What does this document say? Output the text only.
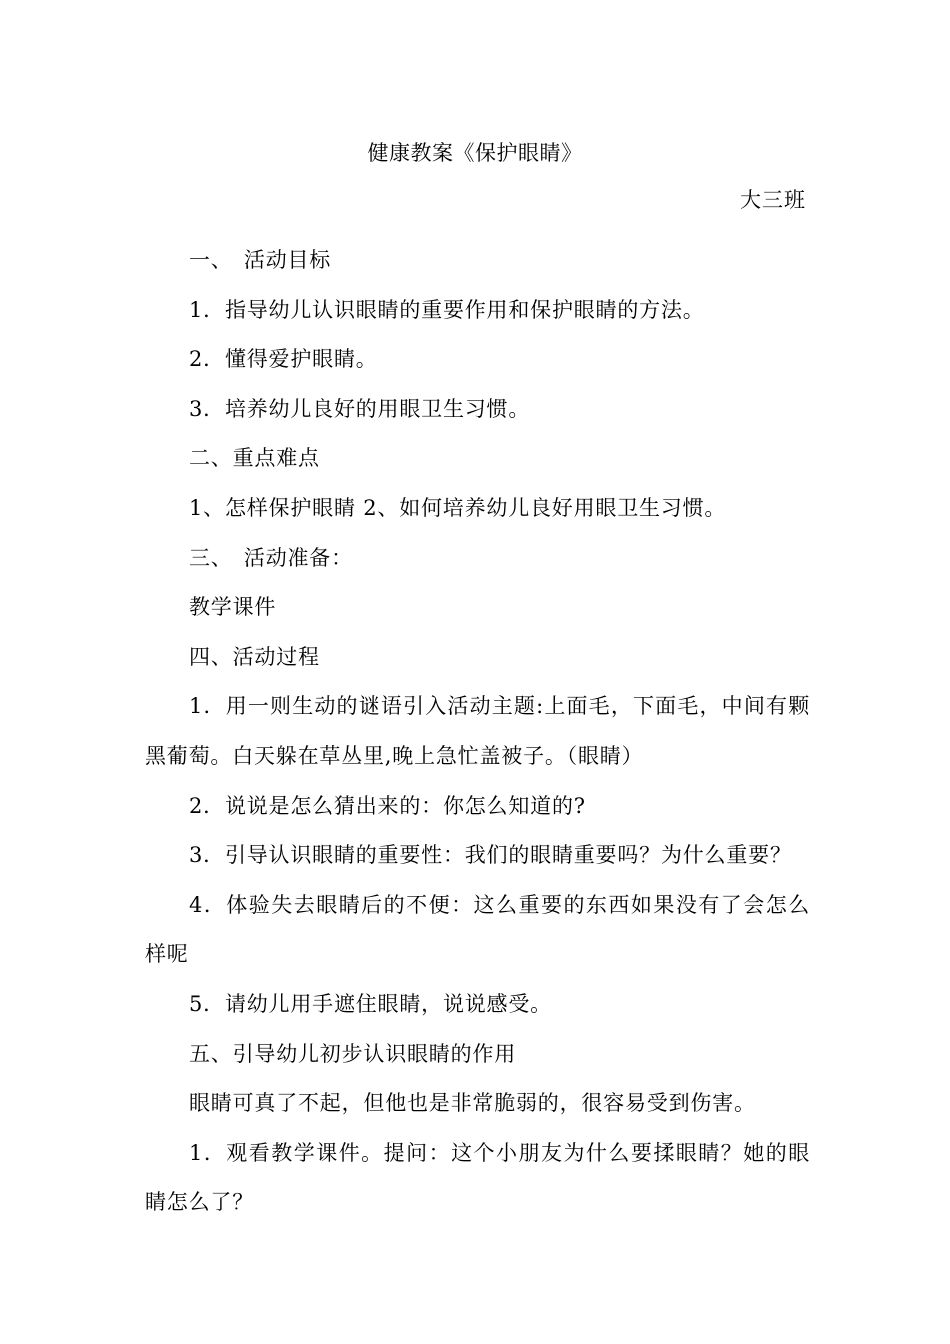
健康教案《保护眼睛》
大三班

一、　活动目标

1．指导幼儿认识眼睛的重要作用和保护眼睛的方法。

2．懂得爱护眼睛。

3．培养幼儿良好的用眼卫生习惯。

二、重点难点

1、怎样保护眼睛 2、如何培养幼儿良好用眼卫生习惯。

三、　活动准备：

教学课件

四、活动过程

1．用一则生动的谜语引入活动主题:上面毛，下面毛，中间有颗黑葡萄。白天躲在草丛里,晚上急忙盖被子。（眼睛）

2．说说是怎么猜出来的：你怎么知道的?

3．引导认识眼睛的重要性：我们的眼睛重要吗？为什么重要？

4．体验失去眼睛后的不便：这么重要的东西如果没有了会怎么样呢

5．请幼儿用手遮住眼睛，说说感受。

五、引导幼儿初步认识眼睛的作用

眼睛可真了不起，但他也是非常脆弱的，很容易受到伤害。

1．观看教学课件。提问：这个小朋友为什么要揉眼睛？她的眼睛怎么了？
